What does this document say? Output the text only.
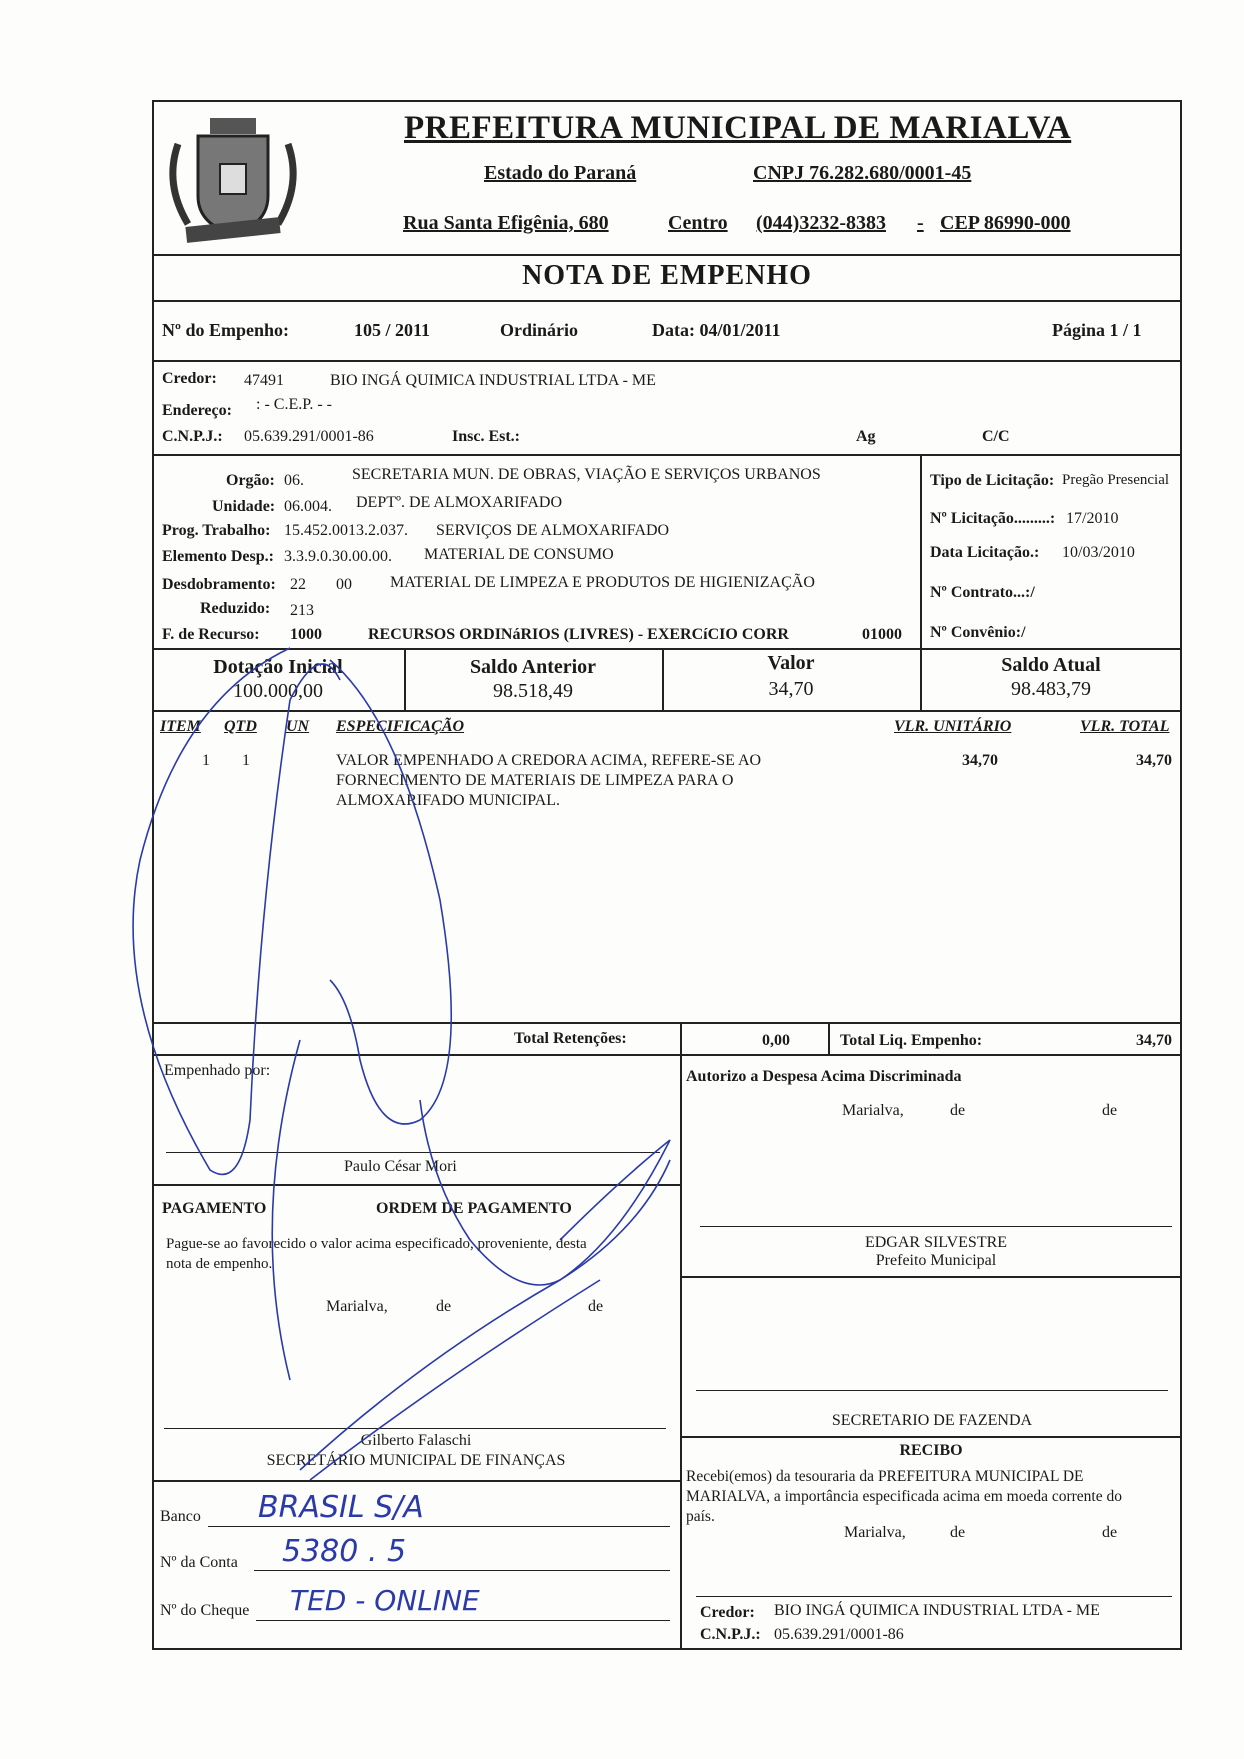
PREFEITURA MUNICIPAL DE MARIALVA
Estado do Paraná	CNPJ 76.282.680/0001-45
Rua Santa Efigênia, 680	Centro (044)3232-8383 - CEP 86990-000
NOTA DE EMPENHO
Nº do Empenho:	105 / 2011	Ordinário	Data: 04/01/2011	Página 1 / 1
Credor: 47491	BIO INGÁ QUIMICA INDUSTRIAL LTDA - ME
Endereço: : - C.E.P. - -
C.N.P.J.: 05.639.291/0001-86	Insc. Est.:	Ag	C/C
Orgão: 06.	SECRETARIA MUN. DE OBRAS, VIAÇÃO E SERVIÇOS URBANOS
Unidade: 06.004. DEPTº. DE ALMOXARIFADO
Prog. Trabalho: 15.452.0013.2.037. SERVIÇOS DE ALMOXARIFADO
Elemento Desp.: 3.3.9.0.30.00.00. MATERIAL DE CONSUMO
Desdobramento: 22 00 MATERIAL DE LIMPEZA E PRODUTOS DE HIGIENIZAÇÃO
Reduzido: 213
F. de Recurso: 1000	RECURSOS ORDINáRIOS (LIVRES) - EXERCíCIO CORR	01000
Tipo de Licitação: Pregão Presencial
Nº Licitação.........: 17/2010
Data Licitação.: 10/03/2010
Nº Contrato...:/
Nº Convênio:/
Dotação Inicial
100.000,00
Saldo Anterior
98.518,49
Valor
34,70
Saldo Atual
98.483,79
ITEM QTD UN ESPECIFICAÇÃO	VLR. UNITÁRIO	VLR. TOTAL
1 1	VALOR EMPENHADO A CREDORA ACIMA, REFERE-SE AO
FORNECIMENTO DE MATERIAIS DE LIMPEZA PARA O
ALMOXARIFADO MUNICIPAL.
34,70	34,70
Total Retenções:	0,00	Total Liq. Empenho:	34,70
Empenhado por:
Paulo César Mori
Autorizo a Despesa Acima Discriminada
Marialva,	de	de
EDGAR SILVESTRE
Prefeito Municipal
SECRETARIO DE FAZENDA
PAGAMENTO	ORDEM DE PAGAMENTO
Pague-se ao favorecido o valor acima especificado, proveniente, desta
nota de empenho.
Marialva,	de	de
Gilberto Falaschi
SECRETÁRIO MUNICIPAL DE FINANÇAS
Banco BRASIL S/A
Nº da Conta 5380 . 5
Nº do Cheque TED - ONLINE
RECIBO
Recebi(emos) da tesouraria da PREFEITURA MUNICIPAL DE
MARIALVA, a importância especificada acima em moeda corrente do
país.
Marialva,	de	de
Credor: BIO INGÁ QUIMICA INDUSTRIAL LTDA - ME
C.N.P.J.: 05.639.291/0001-86
